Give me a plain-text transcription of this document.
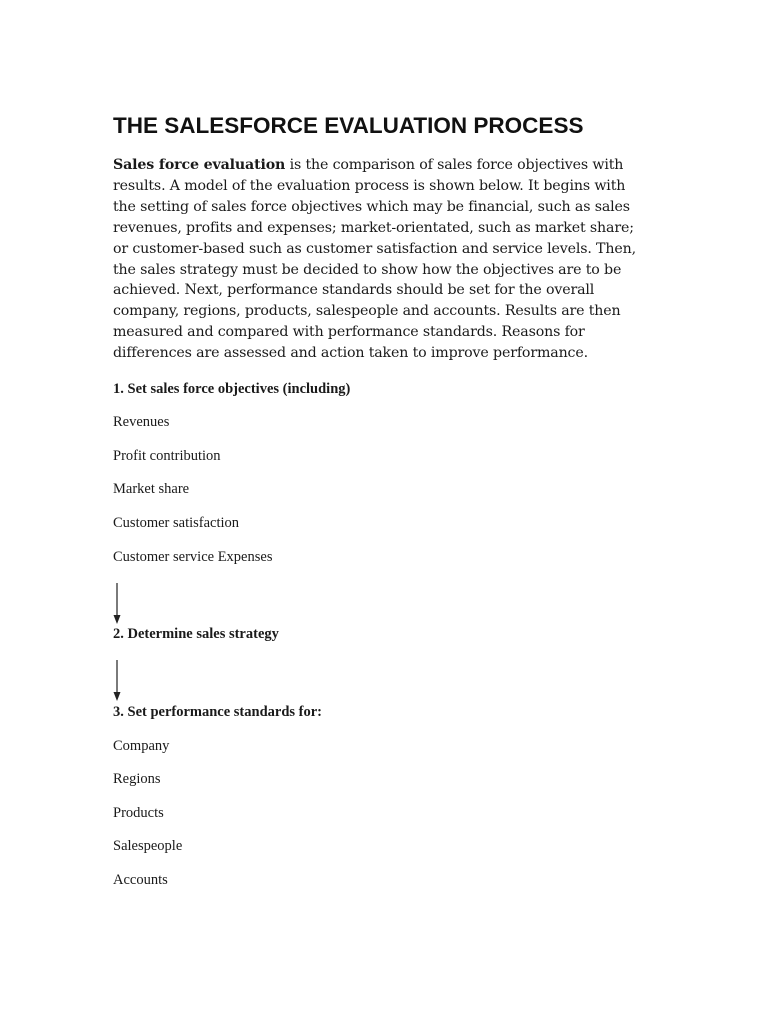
THE SALESFORCE EVALUATION PROCESS

Sales force evaluation is the comparison of sales force objectives with results. A model of the evaluation process is shown below. It begins with the setting of sales force objectives which may be financial, such as sales revenues, profits and expenses; market-orientated, such as market share; or customer-based such as customer satisfaction and service levels. Then, the sales strategy must be decided to show how the objectives are to be achieved. Next, performance standards should be set for the overall company, regions, products, salespeople and accounts. Results are then measured and compared with performance standards. Reasons for differences are assessed and action taken to improve performance.

1. Set sales force objectives (including)
Revenues
Profit contribution
Market share
Customer satisfaction
Customer service Expenses
2. Determine sales strategy
3. Set performance standards for:
Company
Regions
Products
Salespeople
Accounts
